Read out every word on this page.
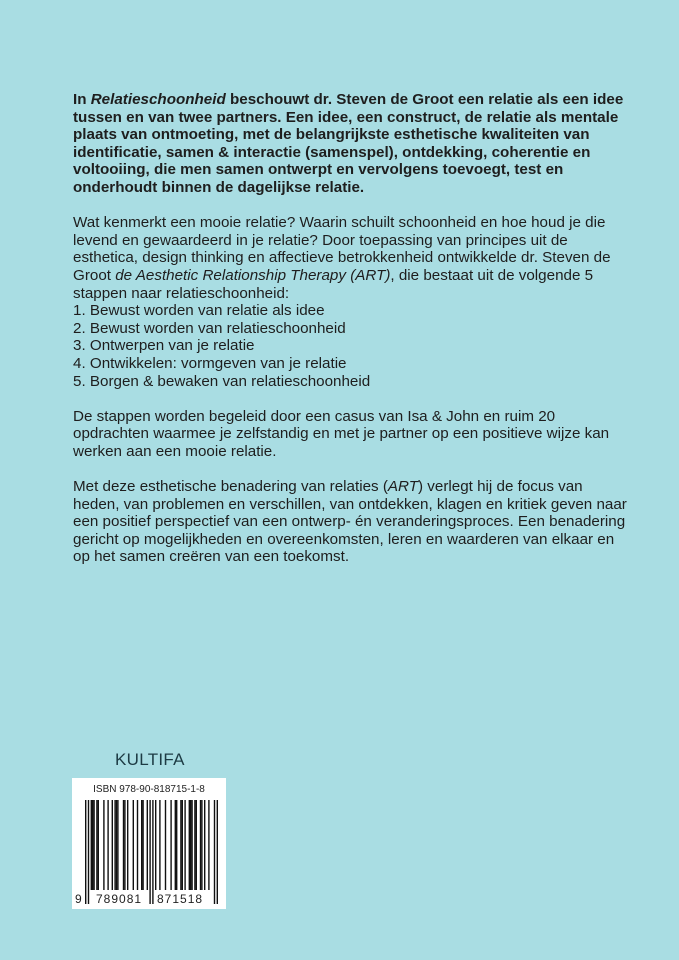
In Relatieschoonheid beschouwt dr. Steven de Groot een relatie als een idee tussen en van twee partners. Een idee, een construct, de relatie als mentale plaats van ontmoeting, met de belangrijkste esthetische kwaliteiten van identificatie, samen & interactie (samenspel), ontdekking, coherentie en voltooiing, die men samen ontwerpt en vervolgens toevoegt, test en onderhoudt binnen de dagelijkse relatie.

Wat kenmerkt een mooie relatie? Waarin schuilt schoonheid en hoe houd je die levend en gewaardeerd in je relatie? Door toepassing van principes uit de esthetica, design thinking en affectieve betrokkenheid ontwikkelde dr. Steven de Groot de Aesthetic Relationship Therapy (ART), die bestaat uit de volgende 5 stappen naar relatieschoonheid:

1. Bewust worden van relatie als idee
2. Bewust worden van relatieschoonheid
3. Ontwerpen van je relatie
4. Ontwikkelen: vormgeven van je relatie
5. Borgen & bewaken van relatieschoonheid

De stappen worden begeleid door een casus van Isa & John en ruim 20 opdrachten waarmee je zelfstandig en met je partner op een positieve wijze kan werken aan een mooie relatie.

Met deze esthetische benadering van relaties (ART) verlegt hij de focus van heden, van problemen en verschillen, van ontdekken, klagen en kritiek geven naar een positief perspectief van een ontwerp- én veranderingsproces. Een benadering gericht op mogelijkheden en overeenkomsten, leren en waarderen van elkaar en op het samen creëren van een toekomst.

KULTIFA
ISBN 978-90-818715-1-8
9 789081 871518
